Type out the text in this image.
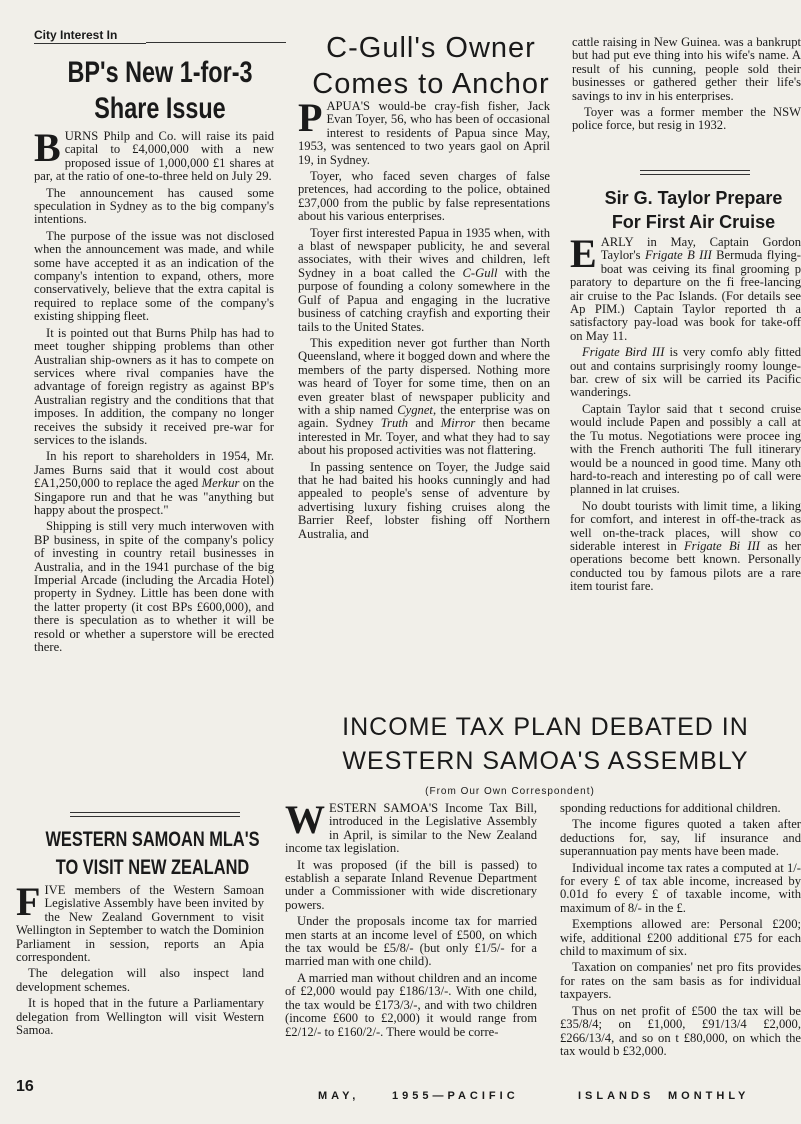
City Interest In
BP's New 1-for-3
Share Issue

BURNS Philp and Co. will raise its paid capital to £4,000,000 with a new proposed issue of 1,000,000 £1 shares at par, at the ratio of one-to-three held on July 29.

The announcement has caused some speculation in Sydney as to the big company's intentions.

The purpose of the issue was not disclosed when the announcement was made, and while some have accepted it as an indication of the company's intention to expand, others, more conservatively, believe that the extra capital is required to replace some of the company's existing shipping fleet.

It is pointed out that Burns Philp has had to meet tougher shipping problems than other Australian ship-owners as it has to compete on services where rival companies have the advantage of foreign registry as against BP's Australian registry and the conditions that that imposes. In addition, the company no longer receives the subsidy it received pre-war for services to the islands.

In his report to shareholders in 1954, Mr. James Burns said that it would cost about £A1,250,000 to replace the aged Merkur on the Singapore run and that he was "anything but happy about the prospect."

Shipping is still very much interwoven with BP business, in spite of the company's policy of investing in country retail businesses in Australia, and in the 1941 purchase of the big Imperial Arcade (including the Arcadia Hotel) property in Sydney. Little has been done with the latter property (it cost BPs £600,000), and there is speculation as to whether it will be resold or whether a superstore will be erected there.

WESTERN SAMOAN MLA'S
TO VISIT NEW ZEALAND

FIVE members of the Western Samoan Legislative Assembly have been invited by the New Zealand Government to visit Wellington in September to watch the Dominion Parliament in session, reports an Apia correspondent.

The delegation will also inspect land development schemes.

It is hoped that in the future a Parliamentary delegation from Wellington will visit Western Samoa.

16
C-Gull's Owner
Comes to Anchor

PAPUA'S would-be cray-fish fisher, Jack Evan Toyer, 56, who has been of occasional interest to residents of Papua since May, 1953, was sentenced to two years gaol on April 19, in Sydney.

Toyer, who faced seven charges of false pretences, had according to the police, obtained £37,000 from the public by false representations about his various enterprises.

Toyer first interested Papua in 1935 when, with a blast of newspaper publicity, he and several associates, with their wives and children, left Sydney in a boat called the C-Gull with the purpose of founding a colony somewhere in the Gulf of Papua and engaging in the lucrative business of catching crayfish and exporting their tails to the United States.

This expedition never got further than North Queensland, where it bogged down and where the members of the party dispersed. Nothing more was heard of Toyer for some time, then on an even greater blast of newspaper publicity and with a ship named Cygnet, the enterprise was on again. Sydney Truth and Mirror then became interested in Mr. Toyer, and what they had to say about his proposed activities was not flattering.

In passing sentence on Toyer, the Judge said that he had baited his hooks cunningly and had appealed to people's sense of adventure by advertising luxury fishing cruises along the Barrier Reef, lobster fishing off Northern Australia, and

cattle raising in New Guinea. was a bankrupt but had put eve thing into his wife's name. A result of his cunning, people sold their businesses or gathered gether their life's savings to inv in his enterprises.

Toyer was a former member the NSW police force, but resig in 1932.

Sir G. Taylor Prepare
For First Air Cruise

EARLY in May, Captain Gordon Taylor's Frigate B III Bermuda flying-boat was ceiving its final grooming p paratory to departure on the fi free-lancing air cruise to the Pac Islands. (For details see Ap PIM.) Captain Taylor reported th a satisfactory pay-load was book for take-off on May 11.

Frigate Bird III is very comfo ably fitted out and contains surprisingly roomy lounge-bar. crew of six will be carried its Pacific wanderings.

Captain Taylor said that t second cruise would include Papen and possibly a call at the Tu motus. Negotiations were procee ing with the French authoriti The full itinerary would be a nounced in good time. Many oth hard-to-reach and interesting po of call were planned in lat cruises.

No doubt tourists with limit time, a liking for comfort, and interest in off-the-track as well on-the-track places, will show co siderable interest in Frigate Bi III as her operations become bett known. Personally conducted tou by famous pilots are a rare item tourist fare.

INCOME TAX PLAN DEBATED IN
WESTERN SAMOA'S ASSEMBLY
(From Our Own Correspondent)

WESTERN SAMOA'S Income Tax Bill, introduced in the Legislative Assembly in April, is similar to the New Zealand income tax legislation.

It was proposed (if the bill is passed) to establish a separate Inland Revenue Department under a Commissioner with wide discretionary powers.

Under the proposals income tax for married men starts at an income level of £500, on which the tax would be £5/8/- (but only £1/5/- for a married man with one child).

A married man without children and an income of £2,000 would pay £186/13/-. With one child, the tax would be £173/3/-, and with two children (income £600 to £2,000) it would range from £2/12/- to £160/2/-. There would be corre-

sponding reductions for additional children.

The income figures quoted a taken after deductions for, say, lif insurance and superannuation pay ments have been made.

Individual income tax rates a computed at 1/- for every £ of tax able income, increased by 0.01d fo every £ of taxable income, with maximum of 8/- in the £.

Exemptions allowed are: Personal £200; wife, additional £200 additional £75 for each child to maximum of six.

Taxation on companies' net pro fits provides for rates on the sam basis as for individual taxpayers.

Thus on net profit of £500 the tax will be £35/8/4; on £1,000, £91/13/4 £2,000, £266/13/4, and so on t £80,000, on which the tax would b £32,000.

MAY,	1955—PACIFIC	ISLANDS MONTHLY
